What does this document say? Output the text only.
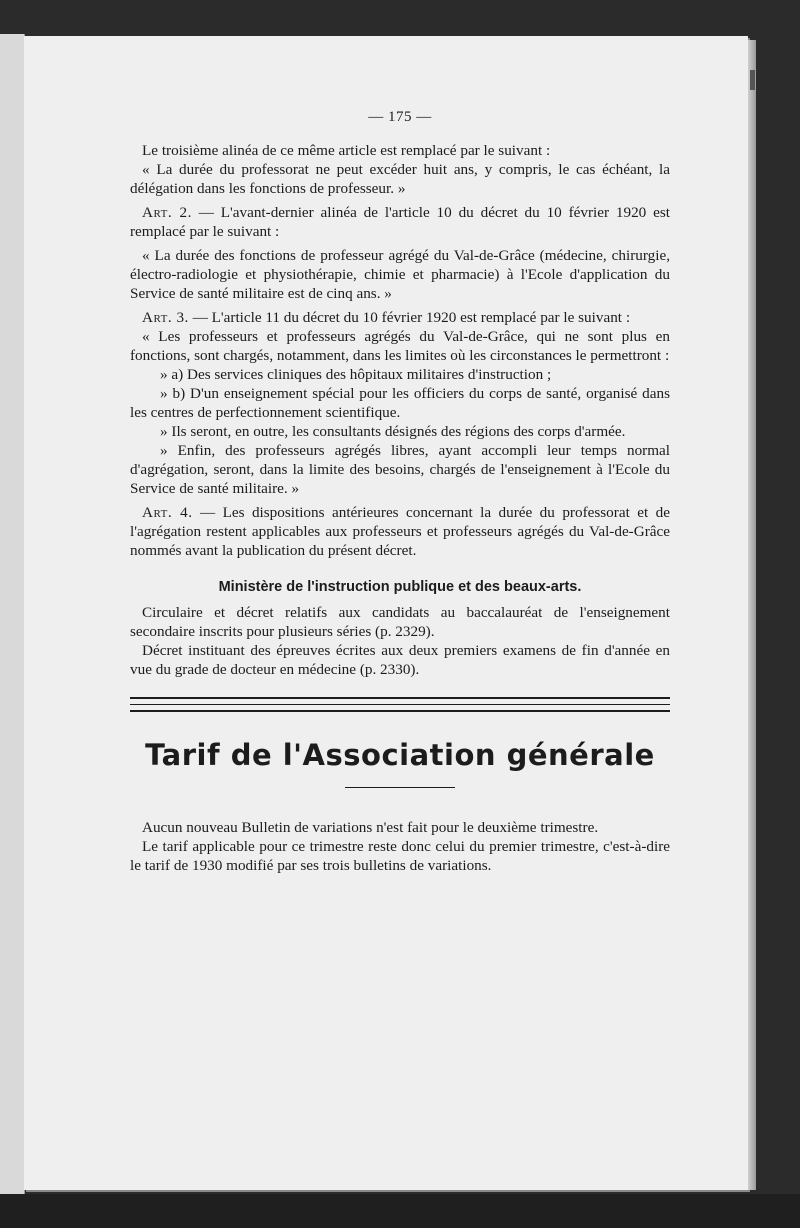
— 175 —

Le troisième alinéa de ce même article est remplacé par le suivant :

« La durée du professorat ne peut excéder huit ans, y compris, le cas échéant, la délégation dans les fonctions de professeur. »

Art. 2. — L'avant-dernier alinéa de l'article 10 du décret du 10 février 1920 est remplacé par le suivant :

« La durée des fonctions de professeur agrégé du Val-de-Grâce (médecine, chirurgie, électro-radiologie et physiothérapie, chimie et pharmacie) à l'Ecole d'application du Service de santé militaire est de cinq ans. »

Art. 3. — L'article 11 du décret du 10 février 1920 est remplacé par le suivant :

« Les professeurs et professeurs agrégés du Val-de-Grâce, qui ne sont plus en fonctions, sont chargés, notamment, dans les limites où les circonstances le permettront :

» a) Des services cliniques des hôpitaux militaires d'instruction ;

» b) D'un enseignement spécial pour les officiers du corps de santé, organisé dans les centres de perfectionnement scientifique.

» Ils seront, en outre, les consultants désignés des régions des corps d'armée.

» Enfin, des professeurs agrégés libres, ayant accompli leur temps normal d'agrégation, seront, dans la limite des besoins, chargés de l'enseignement à l'Ecole du Service de santé militaire. »

Art. 4. — Les dispositions antérieures concernant la durée du professorat et de l'agrégation restent applicables aux professeurs et professeurs agrégés du Val-de-Grâce nommés avant la publication du présent décret.

Ministère de l'instruction publique et des beaux-arts.

Circulaire et décret relatifs aux candidats au baccalauréat de l'enseignement secondaire inscrits pour plusieurs séries (p. 2329).

Décret instituant des épreuves écrites aux deux premiers examens de fin d'année en vue du grade de docteur en médecine (p. 2330).

Tarif de l'Association générale

Aucun nouveau Bulletin de variations n'est fait pour le deuxième trimestre.

Le tarif applicable pour ce trimestre reste donc celui du premier trimestre, c'est-à-dire le tarif de 1930 modifié par ses trois bulletins de variations.
